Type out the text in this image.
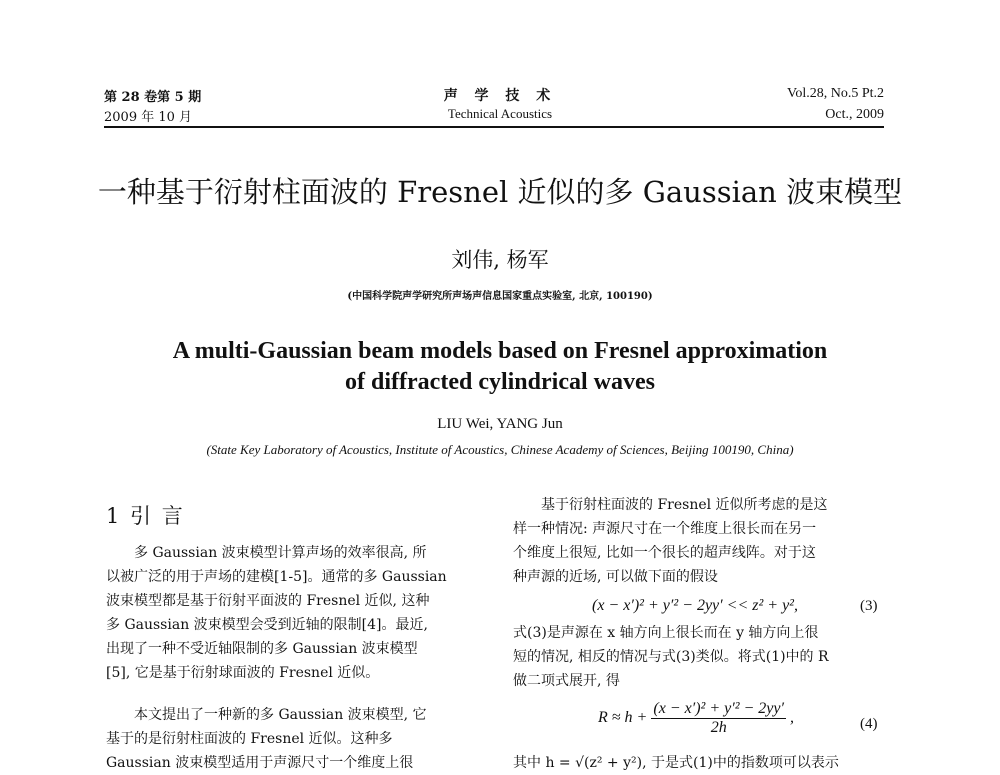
第 28 卷第 5 期
2009 年 10 月
声 学 技 术
Technical Acoustics
Vol.28, No.5 Pt.2
Oct., 2009
一种基于衍射柱面波的 Fresnel 近似的多 Gaussian 波束模型
刘伟, 杨军
(中国科学院声学研究所声场声信息国家重点实验室, 北京, 100190)
A multi-Gaussian beam models based on Fresnel approximation
of diffracted cylindrical waves
LIU Wei, YANG Jun
(State Key Laboratory of Acoustics, Institute of Acoustics, Chinese Academy of Sciences, Beijing 100190, China)
1 引 言
多 Gaussian 波束模型计算声场的效率很高, 所
以被广泛的用于声场的建模[1-5]。通常的多 Gaussian
波束模型都是基于衍射平面波的 Fresnel 近似, 这种
多 Gaussian 波束模型会受到近轴的限制[4]。最近,
出现了一种不受近轴限制的多 Gaussian 波束模型
[5], 它是基于衍射球面波的 Fresnel 近似。
本文提出了一种新的多 Gaussian 波束模型, 它
基于的是衍射柱面波的 Fresnel 近似。这种多
Gaussian 波束模型适用于声源尺寸一个维度上很
基于衍射柱面波的 Fresnel 近似所考虑的是这
样一种情况: 声源尺寸在一个维度上很长而在另一
个维度上很短, 比如一个很长的超声线阵。对于这
种声源的近场, 可以做下面的假设
(x − x′)² + y′² − 2yy′ << z² + y²,	(3)
式(3)是声源在 x 轴方向上很长而在 y 轴方向上很
短的情况, 相反的情况与式(3)类似。将式(1)中的 R
做二项式展开, 得
$R \approx h + \frac{\text{(x − x′)² + y′² − 2yy′}}{2h}$ ,	(4)
其中 h = √(z² + y²), 于是式(1)中的指数项可以表示
